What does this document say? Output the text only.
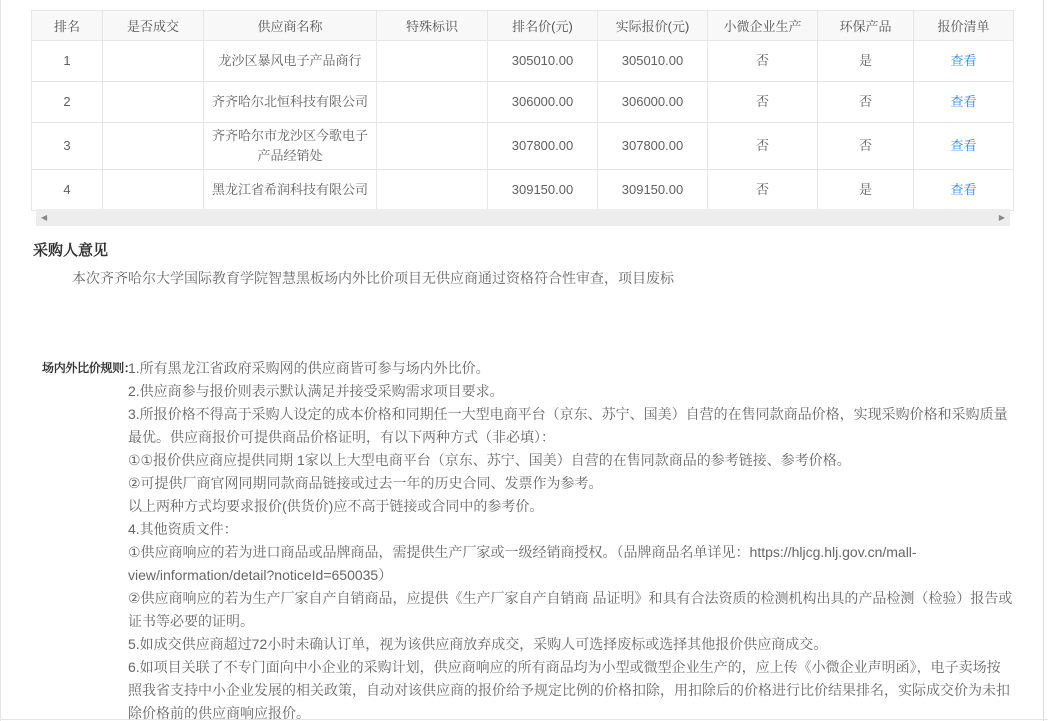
排名	是否成交	供应商名称	特殊标识	排名价(元)	实际报价(元)	小微企业生产	环保产品	报价清单
1		龙沙区暴风电子产品商行		305010.00	305010.00	否	是	查看
2		齐齐哈尔北恒科技有限公司		306000.00	306000.00	否	否	查看
3		齐齐哈尔市龙沙区今歌电子产品经销处		307800.00	307800.00	否	否	查看
4		黑龙江省希润科技有限公司		309150.00	309150.00	否	是	查看
◀	▶
采购人意见
本次齐齐哈尔大学国际教育学院智慧黑板场内外比价项目无供应商通过资格符合性审查，项目废标
场内外比价规则：
1.所有黑龙江省政府采购网的供应商皆可参与场内外比价。
2.供应商参与报价则表示默认满足并接受采购需求项目要求。
3.所报价格不得高于采购人设定的成本价格和同期任一大型电商平台（京东、苏宁、国美）自营的在售同款商品价格，实现采购价格和采购质量最优。供应商报价可提供商品价格证明，有以下两种方式（非必填）：
①①报价供应商应提供同期 1家以上大型电商平台（京东、苏宁、国美）自营的在售同款商品的参考链接、参考价格。
②可提供厂商官网同期同款商品链接或过去一年的历史合同、发票作为参考。
以上两种方式均要求报价(供货价)应不高于链接或合同中的参考价。
4.其他资质文件：
①供应商响应的若为进口商品或品牌商品，需提供生产厂家或一级经销商授权。（品牌商品名单详见：https://hljcg.hlj.gov.cn/mall-view/information/detail?noticeId=650035）
②供应商响应的若为生产厂家自产自销商品，应提供《生产厂家自产自销商 品证明》和具有合法资质的检测机构出具的产品检测（检验）报告或证书等必要的证明。
5.如成交供应商超过72小时未确认订单，视为该供应商放弃成交，采购人可选择废标或选择其他报价供应商成交。
6.如项目关联了不专门面向中小企业的采购计划，供应商响应的所有商品均为小型或微型企业生产的，应上传《小微企业声明函》，电子卖场按照我省支持中小企业发展的相关政策，自动对该供应商的报价给予规定比例的价格扣除，用扣除后的价格进行比价结果排名，实际成交价为未扣除价格前的供应商响应报价。
